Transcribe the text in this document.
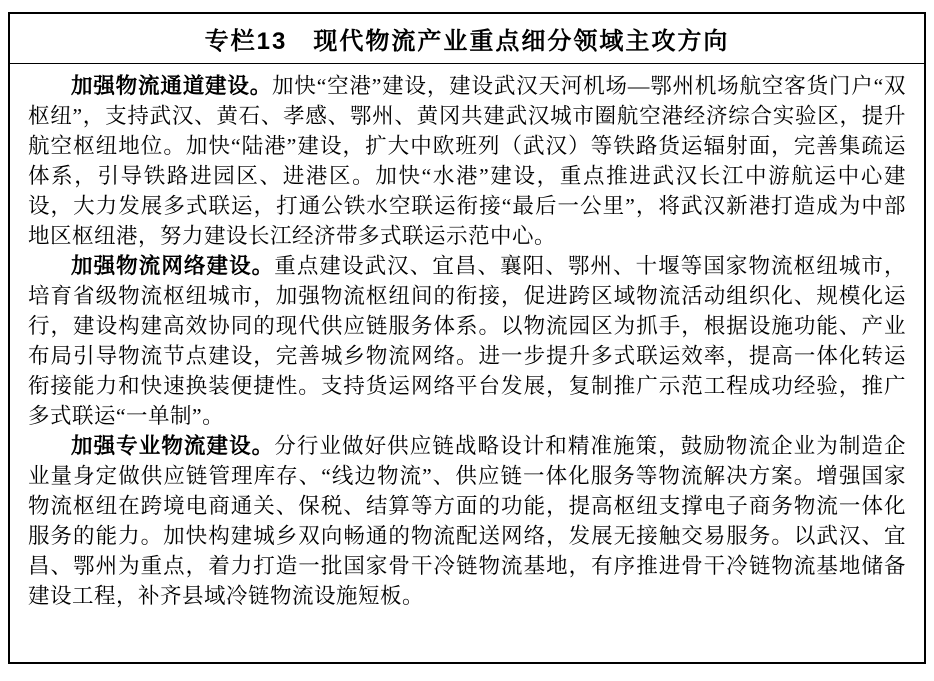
专栏13　现代物流产业重点细分领域主攻方向

加强物流通道建设。加快“空港”建设，建设武汉天河机场—鄂州机场航空客货门户“双枢纽”，支持武汉、黄石、孝感、鄂州、黄冈共建武汉城市圈航空港经济综合实验区，提升航空枢纽地位。加快“陆港”建设，扩大中欧班列（武汉）等铁路货运辐射面，完善集疏运体系，引导铁路进园区、进港区。加快“水港”建设，重点推进武汉长江中游航运中心建设，大力发展多式联运，打通公铁水空联运衔接“最后一公里”，将武汉新港打造成为中部地区枢纽港，努力建设长江经济带多式联运示范中心。

加强物流网络建设。重点建设武汉、宜昌、襄阳、鄂州、十堰等国家物流枢纽城市，培育省级物流枢纽城市，加强物流枢纽间的衔接，促进跨区域物流活动组织化、规模化运行，建设构建高效协同的现代供应链服务体系。以物流园区为抓手，根据设施功能、产业布局引导物流节点建设，完善城乡物流网络。进一步提升多式联运效率，提高一体化转运衔接能力和快速换装便捷性。支持货运网络平台发展，复制推广示范工程成功经验，推广多式联运“一单制”。

加强专业物流建设。分行业做好供应链战略设计和精准施策，鼓励物流企业为制造企业量身定做供应链管理库存、“线边物流”、供应链一体化服务等物流解决方案。增强国家物流枢纽在跨境电商通关、保税、结算等方面的功能，提高枢纽支撑电子商务物流一体化服务的能力。加快构建城乡双向畅通的物流配送网络，发展无接触交易服务。以武汉、宜昌、鄂州为重点，着力打造一批国家骨干冷链物流基地，有序推进骨干冷链物流基地储备建设工程，补齐县域冷链物流设施短板。
